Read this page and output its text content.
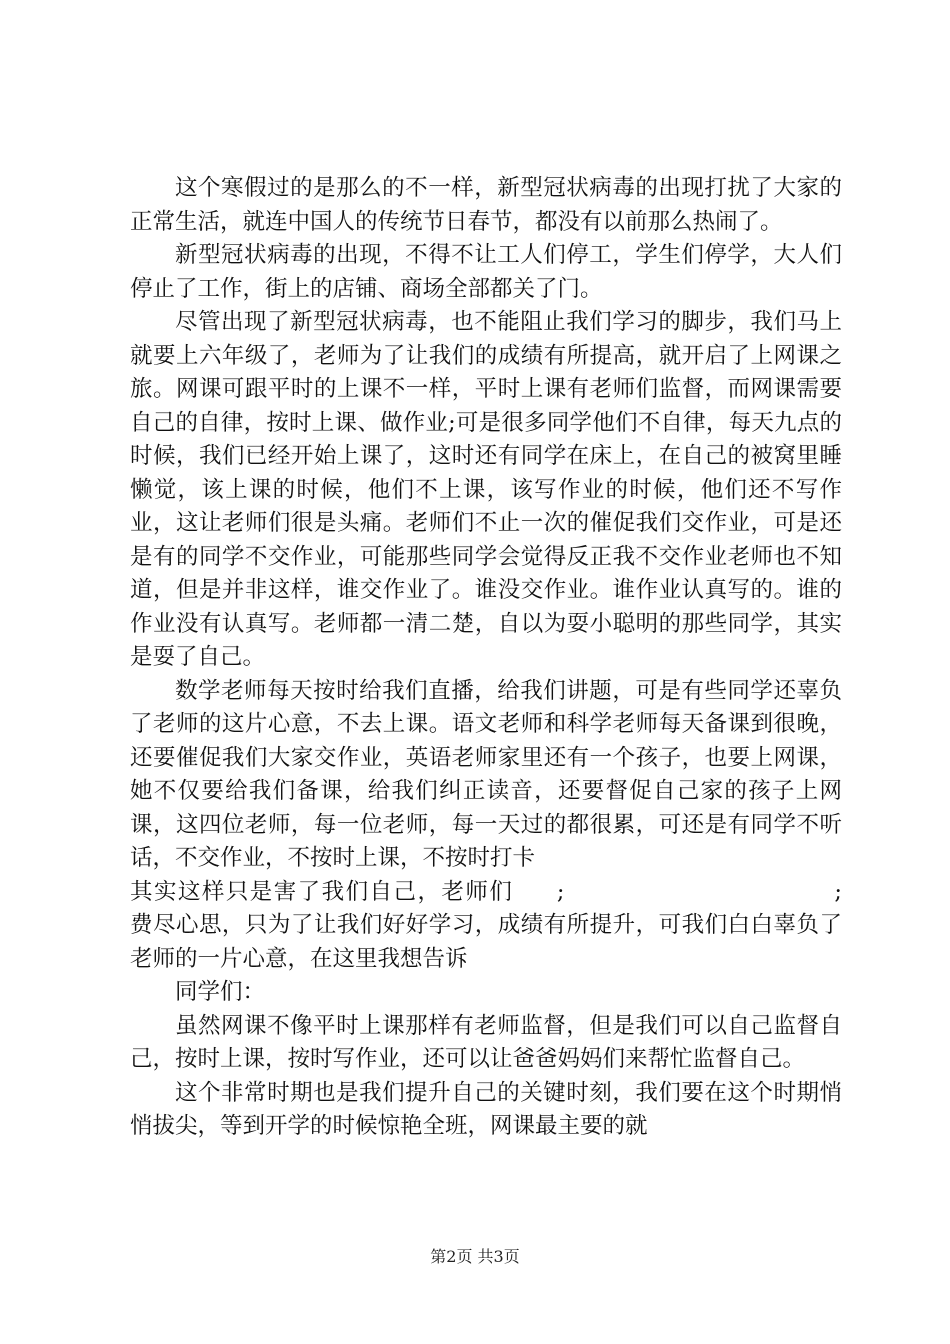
这个寒假过的是那么的不一样，新型冠状病毒的出现打扰了大家的正常生活，就连中国人的传统节日春节，都没有以前那么热闹了。

新型冠状病毒的出现，不得不让工人们停工，学生们停学，大人们停止了工作，街上的店铺、商场全部都关了门。

尽管出现了新型冠状病毒，也不能阻止我们学习的脚步，我们马上就要上六年级了，老师为了让我们的成绩有所提高，就开启了上网课之旅。网课可跟平时的上课不一样，平时上课有老师们监督，而网课需要自己的自律，按时上课、做作业;可是很多同学他们不自律，每天九点的时候，我们已经开始上课了，这时还有同学在床上，在自己的被窝里睡懒觉，该上课的时候，他们不上课，该写作业的时候，他们还不写作业，这让老师们很是头痛。老师们不止一次的催促我们交作业，可是还是有的同学不交作业，可能那些同学会觉得反正我不交作业老师也不知道，但是并非这样，谁交作业了。谁没交作业。谁作业认真写的。谁的作业没有认真写。老师都一清二楚，自以为耍小聪明的那些同学，其实是耍了自己。

数学老师每天按时给我们直播，给我们讲题，可是有些同学还辜负了老师的这片心意，不去上课。语文老师和科学老师每天备课到很晚，还要催促我们大家交作业，英语老师家里还有一个孩子，也要上网课，她不仅要给我们备课，给我们纠正读音，还要督促自己家的孩子上网课，这四位老师，每一位老师，每一天过的都很累，可还是有同学不听话，不交作业，不按时上课，不按时打卡
;　　　　　　　　　　　　;

其实这样只是害了我们自己，老师们费尽心思，只为了让我们好好学习，成绩有所提升，可我们白白辜负了老师的一片心意，在这里我想告诉

同学们：

虽然网课不像平时上课那样有老师监督，但是我们可以自己监督自己，按时上课，按时写作业，还可以让爸爸妈妈们来帮忙监督自己。

这个非常时期也是我们提升自己的关键时刻，我们要在这个时期悄悄拔尖，等到开学的时候惊艳全班，网课最主要的就

第2页 共3页
